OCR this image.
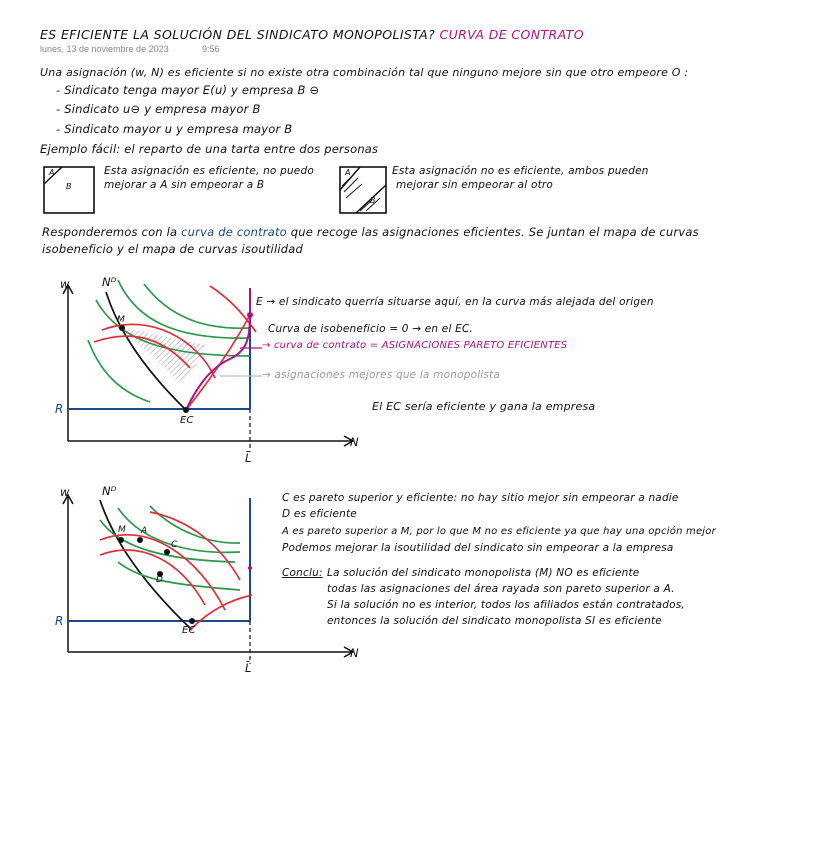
ES EFICIENTE LA SOLUCIÓN DEL SINDICATO MONOPOLISTA? CURVA DE CONTRATO
lunes, 13 de noviembre de 2023	9:56
Una asignación (w, N) es eficiente si no existe otra combinación tal que ninguno mejore sin que otro empeore O :
- Sindicato tenga mayor E(u) y empresa B ⊖
- Sindicato u⊖ y empresa mayor B
- Sindicato mayor u y empresa mayor B
Ejemplo fácil: el reparto de una tarta entre dos personas
A
B
A
B
Esta asignación es eficiente, no puedo
mejorar a A sin empeorar a B
Esta asignación no es eficiente, ambos pueden
mejorar sin empeorar al otro
Responderemos con la curva de contrato que recoge las asignaciones eficientes. Se juntan el mapa de curvas
isobeneficio y el mapa de curvas isoutilidad
w
N
Nᴰ
M
EC
R
L̄
E → el sindicato querría situarse aquí, en la curva más alejada del origen
Curva de isobeneficio = 0 → en el EC.
→ curva de contrato = ASIGNACIONES PARETO EFICIENTES
→ asignaciones mejores que la monopolista
El EC sería eficiente y gana la empresa
w
N
Nᴰ
M A
C
D
EC
R
L̄
C es pareto superior y eficiente: no hay sitio mejor sin empeorar a nadie
D es eficiente
A es pareto superior a M, por lo que M no es eficiente ya que hay una opción mejor
Podemos mejorar la isoutilidad del sindicato sin empeorar a la empresa
Conclu: La solución del sindicato monopolista (M) NO es eficiente
todas las asignaciones del área rayada son pareto superior a A.
Si la solución no es interior, todos los afiliados están contratados,
entonces la solución del sindicato monopolista SI es eficiente
